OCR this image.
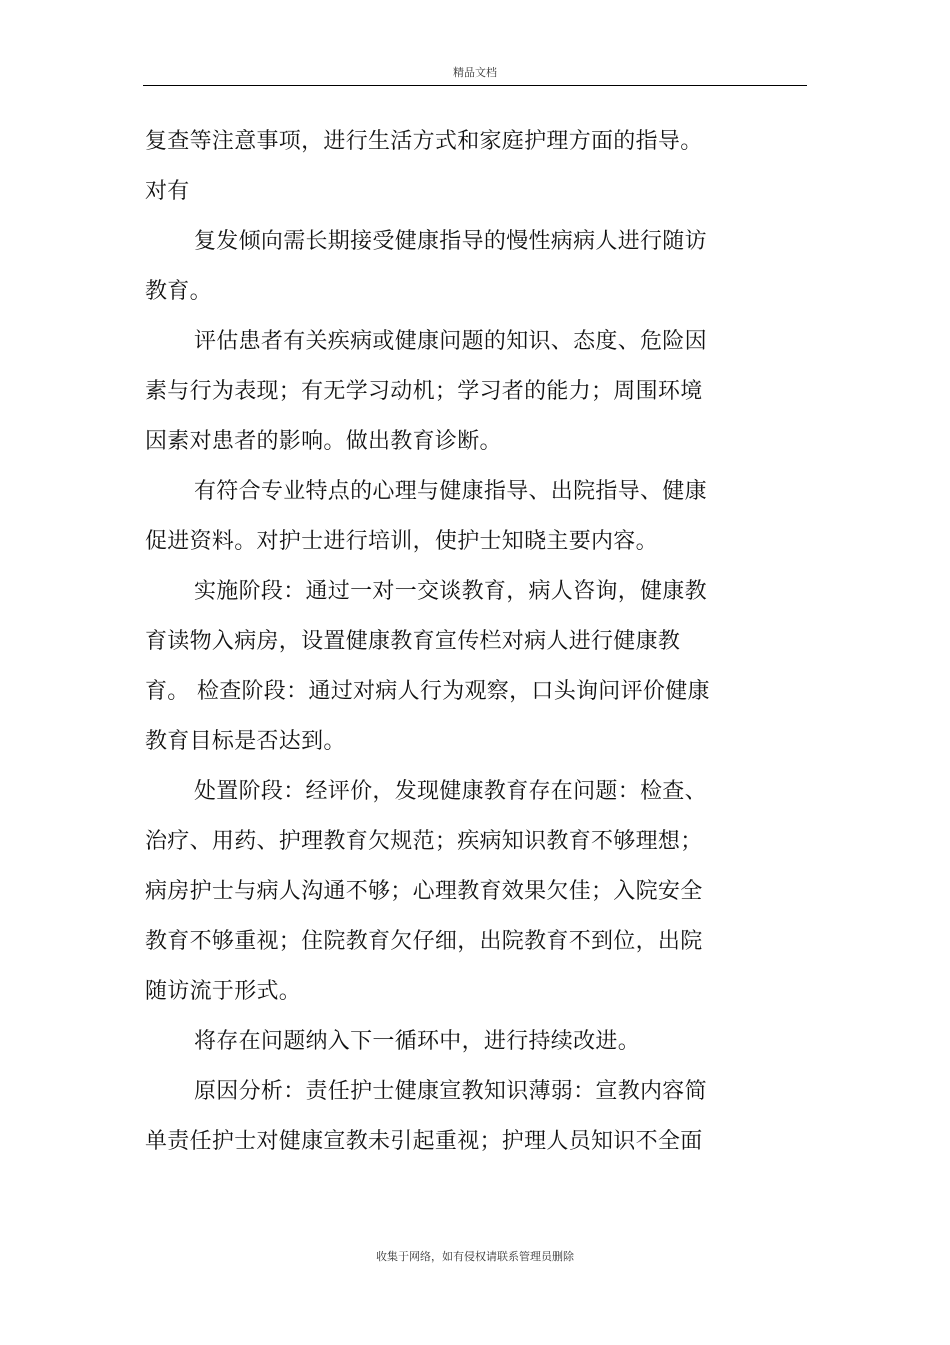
精品文档
复查等注意事项，进行生活方式和家庭护理方面的指导。
对有
复发倾向需长期接受健康指导的慢性病病人进行随访
教育。
评估患者有关疾病或健康问题的知识、态度、危险因
素与行为表现；有无学习动机；学习者的能力；周围环境
因素对患者的影响。做出教育诊断。
有符合专业特点的心理与健康指导、出院指导、健康
促进资料。对护士进行培训，使护士知晓主要内容。
实施阶段：通过一对一交谈教育，病人咨询，健康教
育读物入病房，设置健康教育宣传栏对病人进行健康教
育。 检查阶段：通过对病人行为观察，口头询问评价健康
教育目标是否达到。
处置阶段：经评价，发现健康教育存在问题：检查、
治疗、用药、护理教育欠规范；疾病知识教育不够理想；
病房护士与病人沟通不够；心理教育效果欠佳；入院安全
教育不够重视；住院教育欠仔细，出院教育不到位，出院
随访流于形式。
将存在问题纳入下一循环中，进行持续改进。
原因分析：责任护士健康宣教知识薄弱：宣教内容简
单责任护士对健康宣教未引起重视；护理人员知识不全面
收集于网络，如有侵权请联系管理员删除
